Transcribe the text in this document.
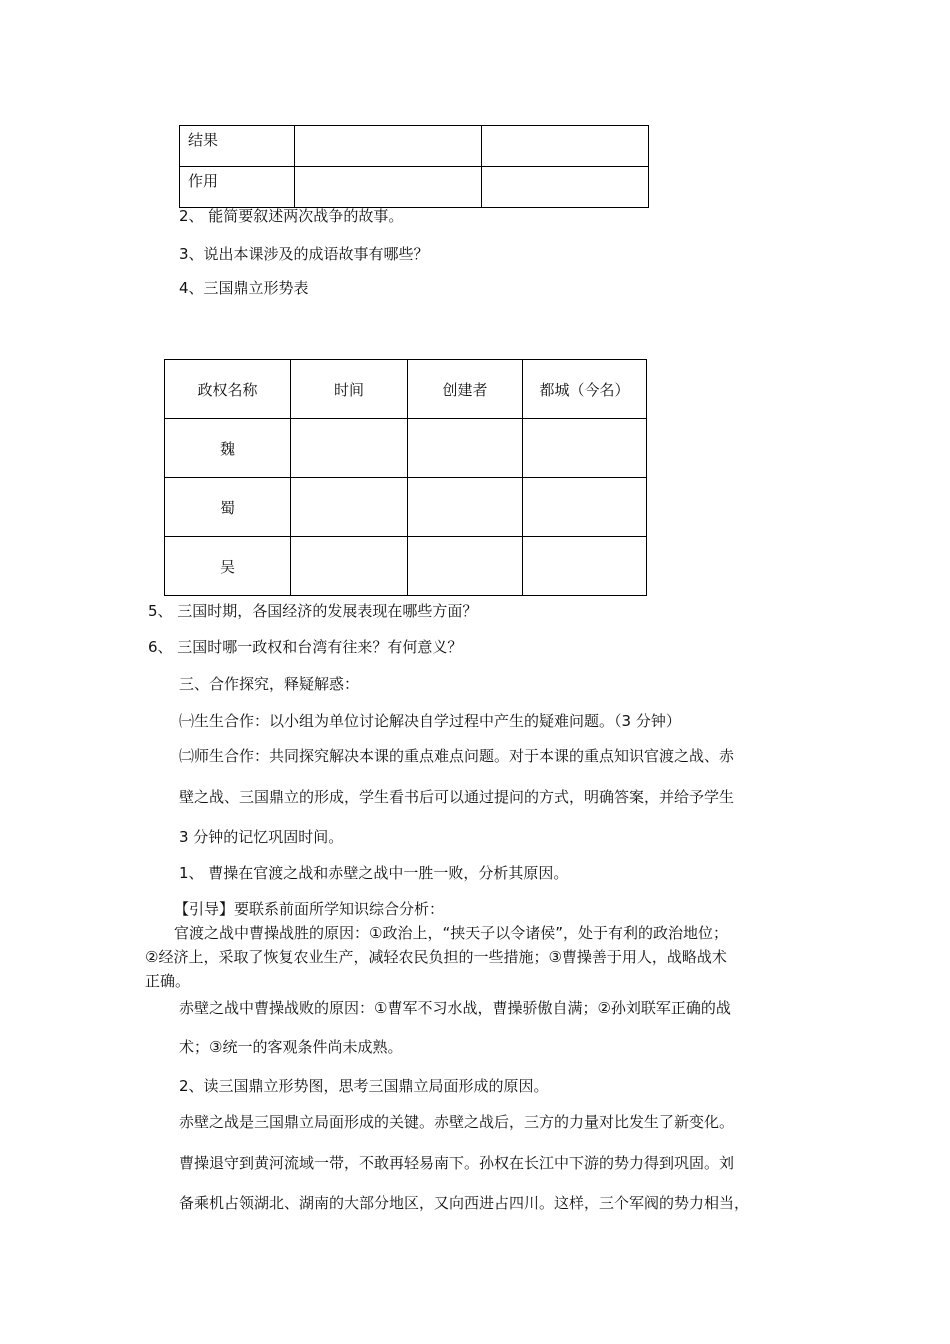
结果		
作用		
2、 能简要叙述两次战争的故事。
3、说出本课涉及的成语故事有哪些？
4、三国鼎立形势表
政权名称	时间	创建者	都城（今名）
魏			
蜀			
吴			
5、 三国时期，各国经济的发展表现在哪些方面？
6、 三国时哪一政权和台湾有往来？有何意义？
三、合作探究，释疑解惑：
㈠生生合作：以小组为单位讨论解决自学过程中产生的疑难问题。（3 分钟）
㈡师生合作：共同探究解决本课的重点难点问题。对于本课的重点知识官渡之战、赤
壁之战、三国鼎立的形成，学生看书后可以通过提问的方式，明确答案，并给予学生
3 分钟的记忆巩固时间。
1、 曹操在官渡之战和赤壁之战中一胜一败，分析其原因。
【引导】要联系前面所学知识综合分析：
官渡之战中曹操战胜的原因：①政治上，“挟天子以令诸侯”，处于有利的政治地位；
②经济上，采取了恢复农业生产，减轻农民负担的一些措施；③曹操善于用人，战略战术
正确。
赤壁之战中曹操战败的原因：①曹军不习水战，曹操骄傲自满；②孙刘联军正确的战
术；③统一的客观条件尚未成熟。
2、读三国鼎立形势图，思考三国鼎立局面形成的原因。
赤壁之战是三国鼎立局面形成的关键。赤壁之战后，三方的力量对比发生了新变化。
曹操退守到黄河流域一带，不敢再轻易南下。孙权在长江中下游的势力得到巩固。刘
备乘机占领湖北、湖南的大部分地区，又向西进占四川。这样，三个军阀的势力相当，
